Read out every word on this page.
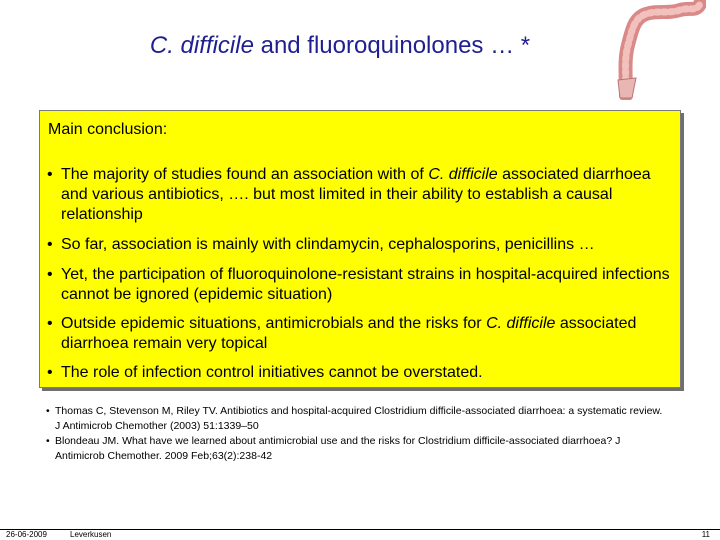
C. difficile and fluoroquinolones … *
Main conclusion:
• The majority of studies found an association with of C. difficile associated diarrhoea and various antibiotics, …. but most limited in their ability to establish a causal relationship
• So far, association is mainly with clindamycin, cephalosporins, penicillins …
• Yet, the participation of fluoroquinolone-resistant strains in hospital-acquired infections cannot be ignored (epidemic situation)
• Outside epidemic situations, antimicrobials and the risks for C. difficile associated diarrhoea remain very topical
• The role of infection control initiatives cannot be overstated.
• Thomas C, Stevenson M, Riley TV. Antibiotics and hospital-acquired Clostridium difficile-associated diarrhoea: a systematic review. J Antimicrob Chemother (2003) 51:1339–50
• Blondeau JM. What have we learned about antimicrobial use and the risks for Clostridium difficile-associated diarrhoea? J Antimicrob Chemother. 2009 Feb;63(2):238-42
26-06-2009	Leverkusen	11
